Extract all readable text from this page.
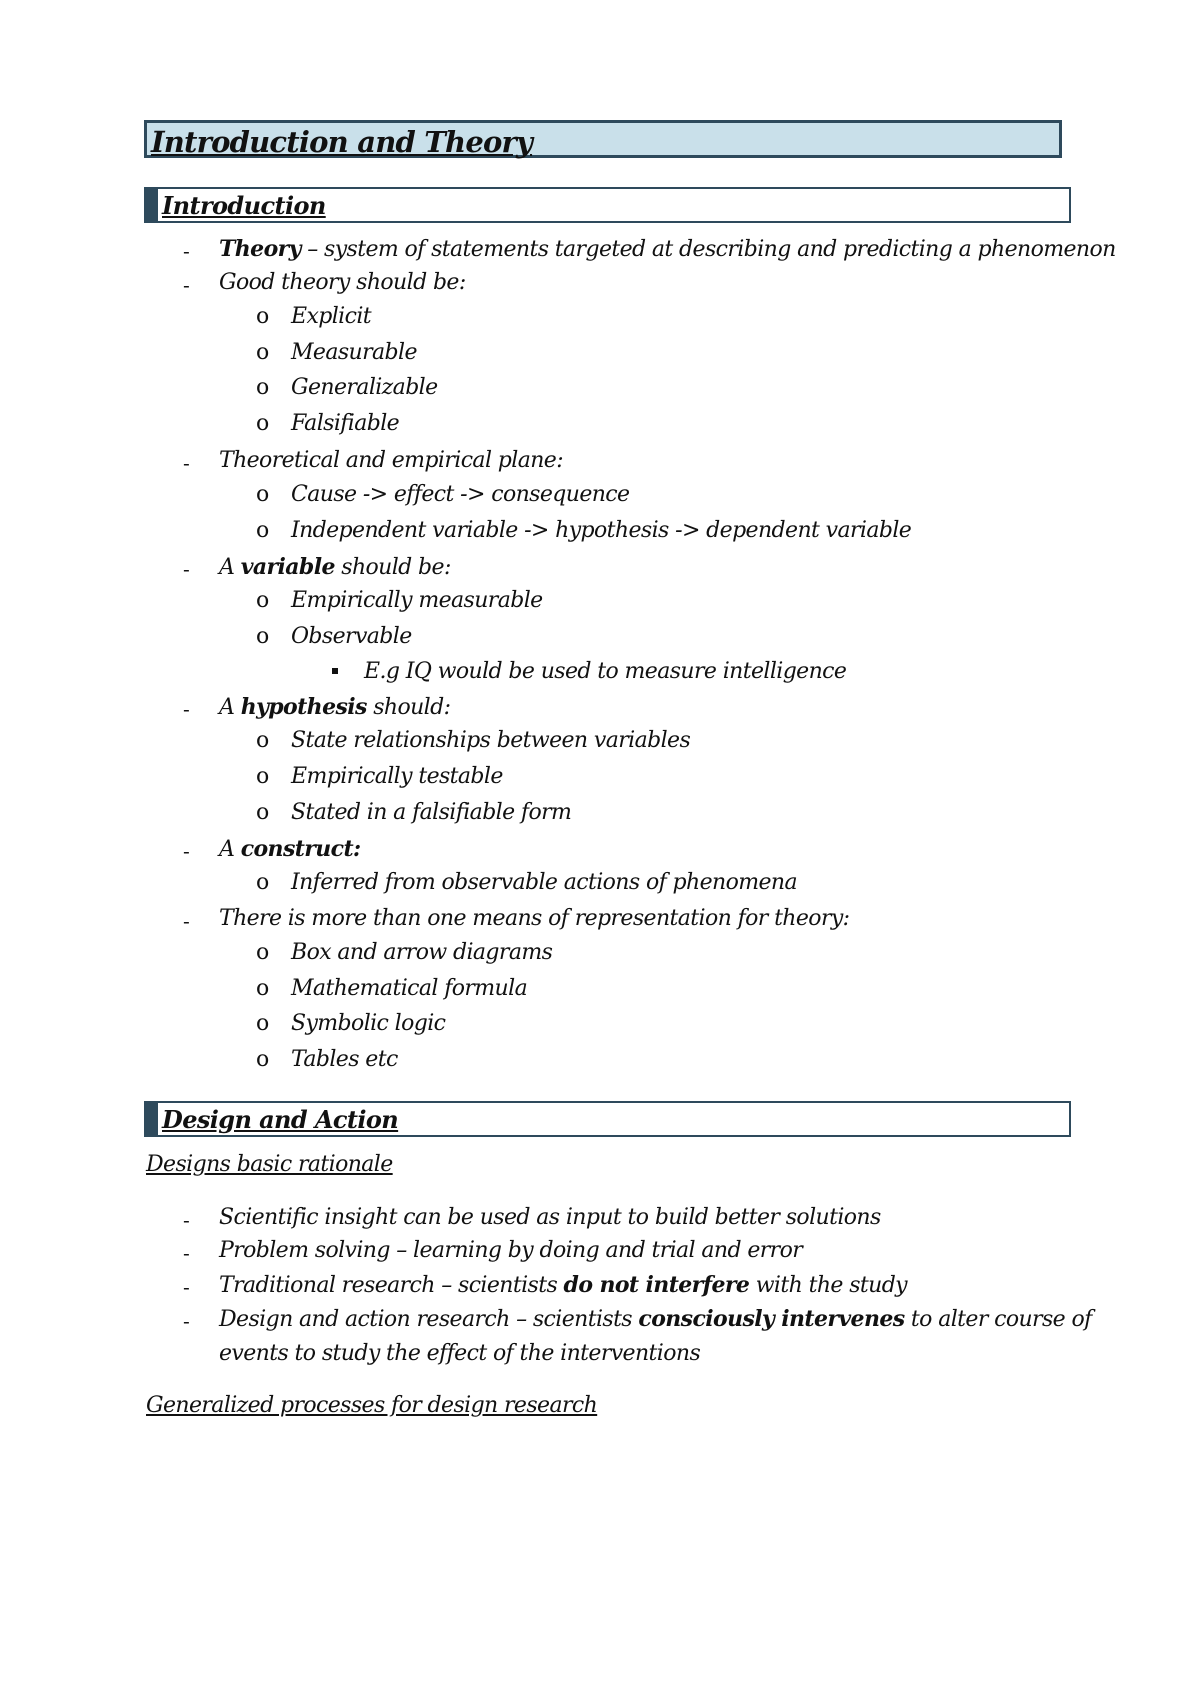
Introduction and Theory
Introduction
- Theory – system of statements targeted at describing and predicting a phenomenon
- Good theory should be:
o Explicit
o Measurable
o Generalizable
o Falsifiable
- Theoretical and empirical plane:
o Cause -> effect -> consequence
o Independent variable -> hypothesis -> dependent variable
- A variable should be:
o Empirically measurable
o Observable
E.g IQ would be used to measure intelligence
- A hypothesis should:
o State relationships between variables
o Empirically testable
o Stated in a falsifiable form
- A construct:
o Inferred from observable actions of phenomena
- There is more than one means of representation for theory:
o Box and arrow diagrams
o Mathematical formula
o Symbolic logic
o Tables etc
Design and Action
Designs basic rationale
- Scientific insight can be used as input to build better solutions
- Problem solving – learning by doing and trial and error
- Traditional research – scientists do not interfere with the study
- Design and action research – scientists consciously intervenes to alter course of
events to study the effect of the interventions
Generalized processes for design research
